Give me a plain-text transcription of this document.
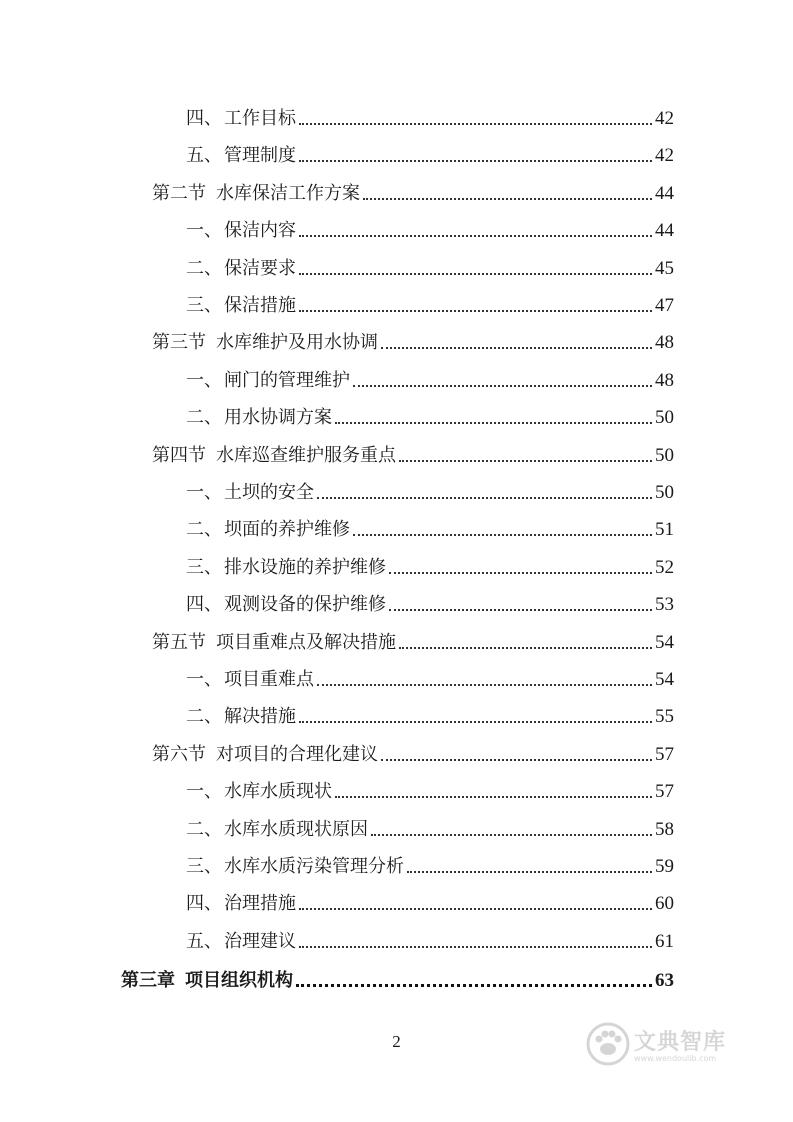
四、 工作目标	42
五、 管理制度	42
第二节 水库保洁工作方案	44
一、 保洁内容	44
二、 保洁要求	45
三、 保洁措施	47
第三节 水库维护及用水协调	48
一、 闸门的管理维护	48
二、 用水协调方案	50
第四节 水库巡查维护服务重点	50
一、 土坝的安全	50
二、 坝面的养护维修	51
三、 排水设施的养护维修	52
四、 观测设备的保护维修	53
第五节 项目重难点及解决措施	54
一、 项目重难点	54
二、 解决措施	55
第六节 对项目的合理化建议	57
一、 水库水质现状	57
二、 水库水质现状原因	58
三、 水库水质污染管理分析	59
四、 治理措施	60
五、 治理建议	61
第三章 项目组织机构	63
2	文典智库
www.wendoulib.com
